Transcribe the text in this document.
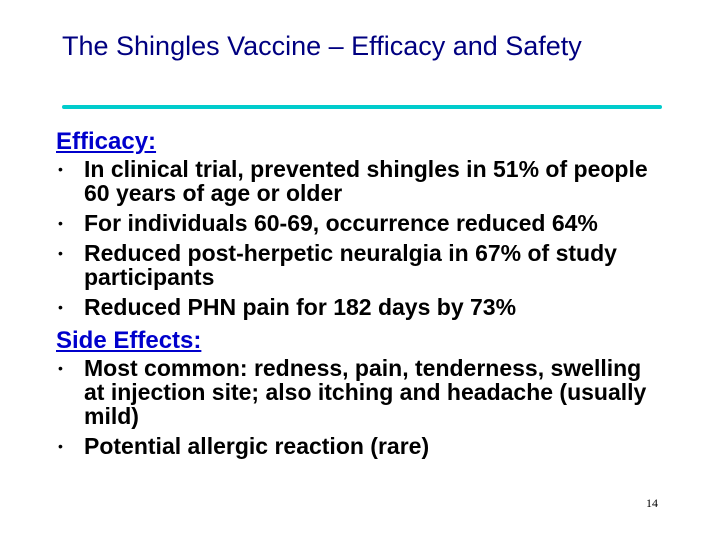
The Shingles Vaccine – Efficacy and Safety
Efficacy:
• In clinical trial, prevented shingles in 51% of people 60 years of age or older
• For individuals 60-69, occurrence reduced 64%
• Reduced post-herpetic neuralgia in 67% of study participants
• Reduced PHN pain for 182 days by 73%
Side Effects:
• Most common: redness, pain, tenderness, swelling at injection site; also itching and headache (usually mild)
• Potential allergic reaction (rare)
14
